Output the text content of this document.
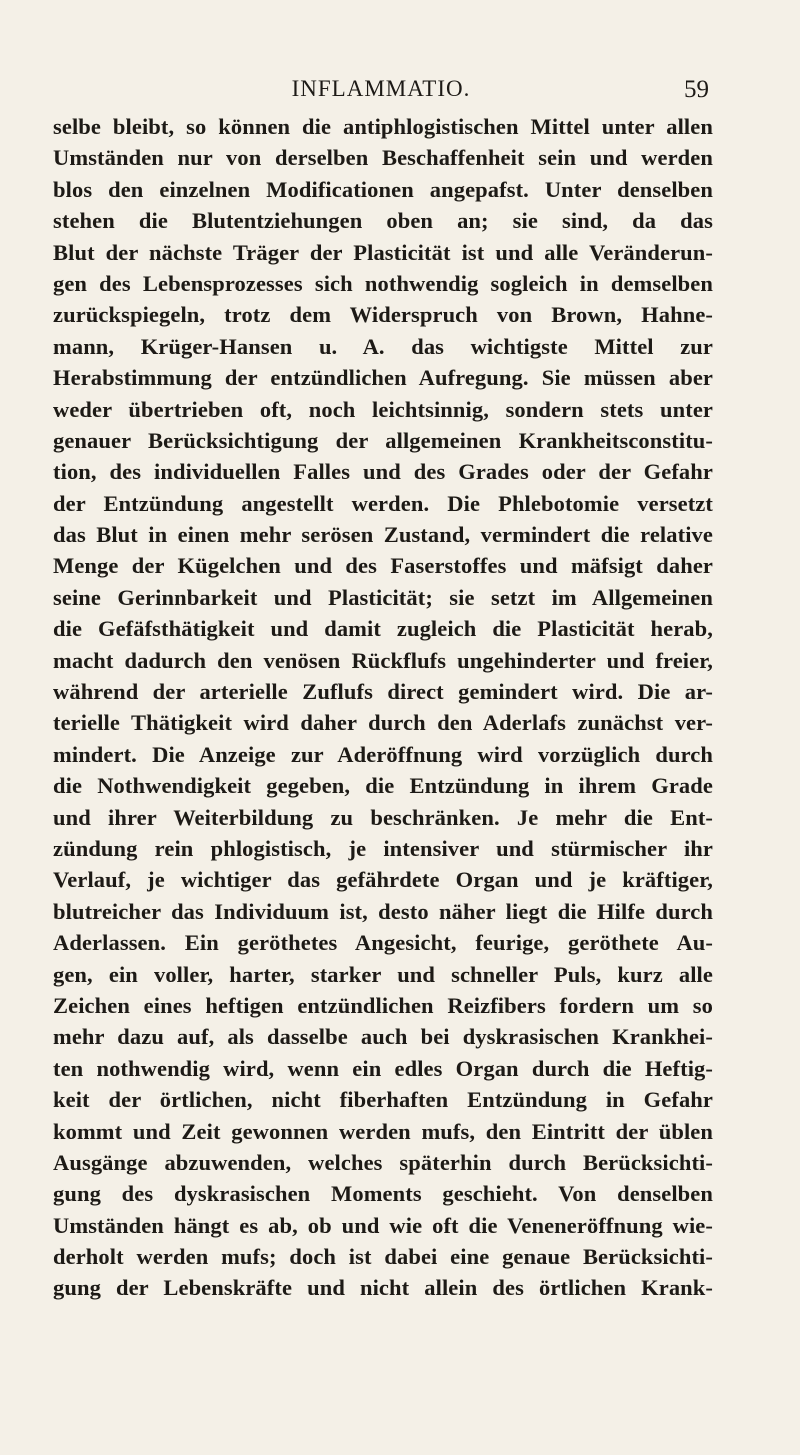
INFLAMMATIO.	59
selbe bleibt, so können die antiphlogistischen Mittel unter allen
Umständen nur von derselben Beschaffenheit sein und werden
blos den einzelnen Modificationen angepafst. Unter denselben
stehen die Blutentziehungen oben an; sie sind, da das
Blut der nächste Träger der Plasticität ist und alle Veränderun-
gen des Lebensprozesses sich nothwendig sogleich in demselben
zurückspiegeln, trotz dem Widerspruch von Brown, Hahne-
mann, Krüger-Hansen u. A. das wichtigste Mittel zur
Herabstimmung der entzündlichen Aufregung. Sie müssen aber
weder übertrieben oft, noch leichtsinnig, sondern stets unter
genauer Berücksichtigung der allgemeinen Krankheitsconstitu-
tion, des individuellen Falles und des Grades oder der Gefahr
der Entzündung angestellt werden. Die Phlebotomie versetzt
das Blut in einen mehr serösen Zustand, vermindert die relative
Menge der Kügelchen und des Faserstoffes und mäfsigt daher
seine Gerinnbarkeit und Plasticität; sie setzt im Allgemeinen
die Gefäfsthätigkeit und damit zugleich die Plasticität herab,
macht dadurch den venösen Rückflufs ungehinderter und freier,
während der arterielle Zuflufs direct gemindert wird. Die ar-
terielle Thätigkeit wird daher durch den Aderlafs zunächst ver-
mindert. Die Anzeige zur Aderöffnung wird vorzüglich durch
die Nothwendigkeit gegeben, die Entzündung in ihrem Grade
und ihrer Weiterbildung zu beschränken. Je mehr die Ent-
zündung rein phlogistisch, je intensiver und stürmischer ihr
Verlauf, je wichtiger das gefährdete Organ und je kräftiger,
blutreicher das Individuum ist, desto näher liegt die Hilfe durch
Aderlassen. Ein geröthetes Angesicht, feurige, geröthete Au-
gen, ein voller, harter, starker und schneller Puls, kurz alle
Zeichen eines heftigen entzündlichen Reizfibers fordern um so
mehr dazu auf, als dasselbe auch bei dyskrasischen Krankhei-
ten nothwendig wird, wenn ein edles Organ durch die Heftig-
keit der örtlichen, nicht fiberhaften Entzündung in Gefahr
kommt und Zeit gewonnen werden mufs, den Eintritt der üblen
Ausgänge abzuwenden, welches späterhin durch Berücksichti-
gung des dyskrasischen Moments geschieht. Von denselben
Umständen hängt es ab, ob und wie oft die Veneneröffnung wie-
derholt werden mufs; doch ist dabei eine genaue Berücksichti-
gung der Lebenskräfte und nicht allein des örtlichen Krank-
